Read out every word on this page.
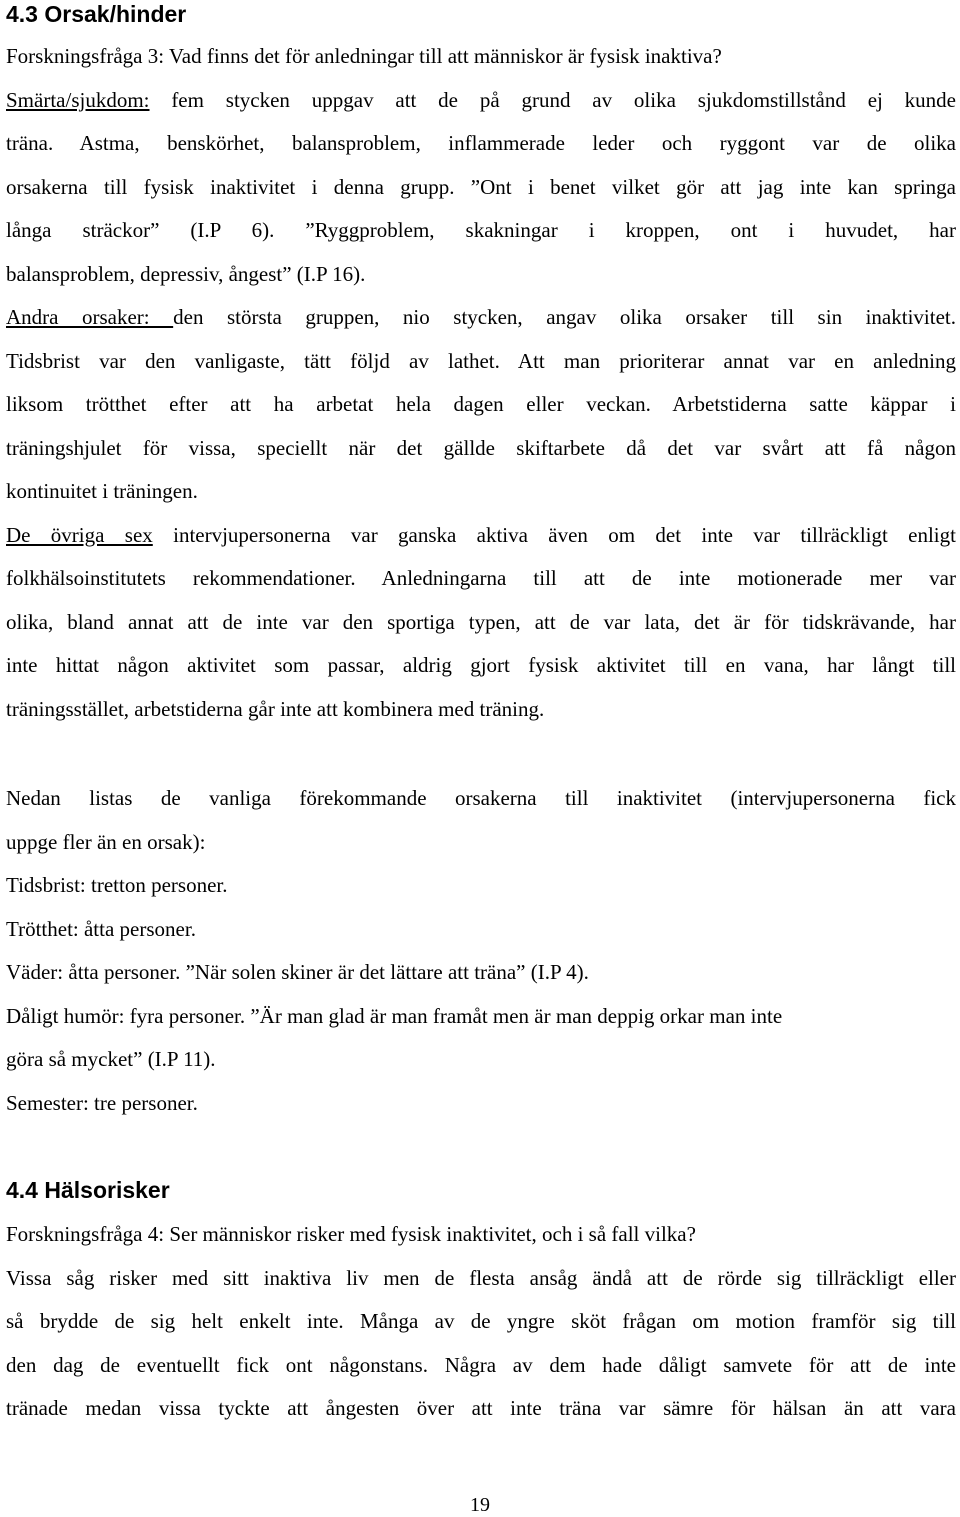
4.3 Orsak/hinder
Forskningsfråga 3: Vad finns det för anledningar till att människor är fysisk inaktiva?
Smärta/sjukdom: fem stycken uppgav att de på grund av olika sjukdomstillstånd ej kunde
träna. Astma, benskörhet, balansproblem, inflammerade leder och ryggont var de olika
orsakerna till fysisk inaktivitet i denna grupp. ”Ont i benet vilket gör att jag inte kan springa
långa sträckor” (I.P 6). ”Ryggproblem, skakningar i kroppen, ont i huvudet, har
balansproblem, depressiv, ångest” (I.P 16).
Andra orsaker: den största gruppen, nio stycken, angav olika orsaker till sin inaktivitet.
Tidsbrist var den vanligaste, tätt följd av lathet. Att man prioriterar annat var en anledning
liksom trötthet efter att ha arbetat hela dagen eller veckan. Arbetstiderna satte käppar i
träningshjulet för vissa, speciellt när det gällde skiftarbete då det var svårt att få någon
kontinuitet i träningen.
De övriga sex intervjupersonerna var ganska aktiva även om det inte var tillräckligt enligt
folkhälsoinstitutets rekommendationer. Anledningarna till att de inte motionerade mer var
olika, bland annat att de inte var den sportiga typen, att de var lata, det är för tidskrävande, har
inte hittat någon aktivitet som passar, aldrig gjort fysisk aktivitet till en vana, har långt till
träningsstället, arbetstiderna går inte att kombinera med träning.
Nedan listas de vanliga förekommande orsakerna till inaktivitet (intervjupersonerna fick
uppge fler än en orsak):
Tidsbrist: tretton personer.
Trötthet: åtta personer.
Väder: åtta personer. ”När solen skiner är det lättare att träna” (I.P 4).
Dåligt humör: fyra personer. ”Är man glad är man framåt men är man deppig orkar man inte
göra så mycket” (I.P 11).
Semester: tre personer.
4.4 Hälsorisker
Forskningsfråga 4: Ser människor risker med fysisk inaktivitet, och i så fall vilka?
Vissa såg risker med sitt inaktiva liv men de flesta ansåg ändå att de rörde sig tillräckligt eller
så brydde de sig helt enkelt inte. Många av de yngre sköt frågan om motion framför sig till
den dag de eventuellt fick ont någonstans. Några av dem hade dåligt samvete för att de inte
tränade medan vissa tyckte att ångesten över att inte träna var sämre för hälsan än att vara
19
